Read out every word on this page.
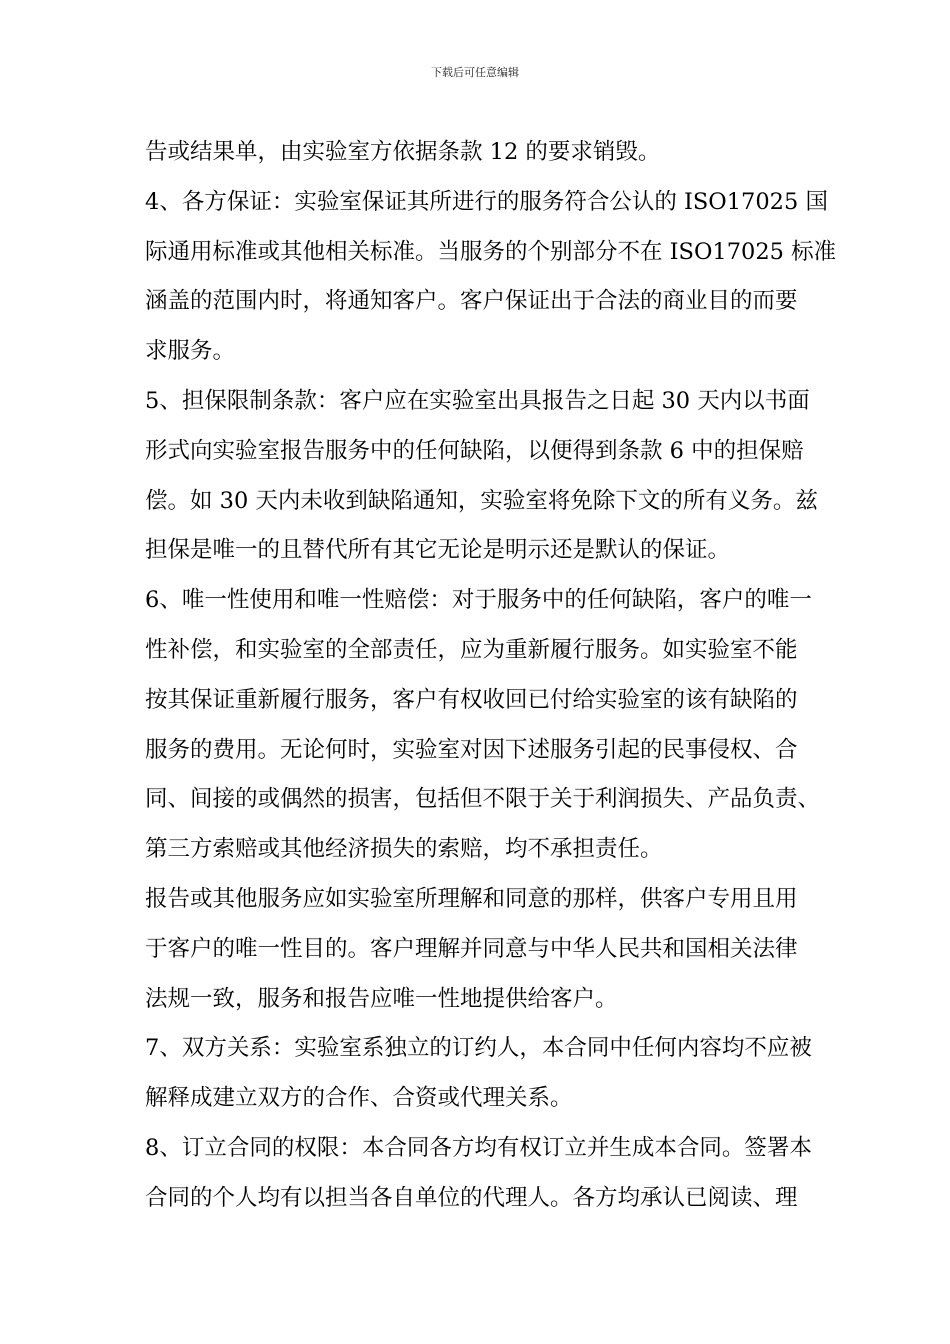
下载后可任意编辑
告或结果单，由实验室方依据条款 12 的要求销毁。
4、各方保证：实验室保证其所进行的服务符合公认的 ISO17025 国
际通用标准或其他相关标准。当服务的个别部分不在 ISO17025 标准
涵盖的范围内时，将通知客户。客户保证出于合法的商业目的而要
求服务。
5、担保限制条款：客户应在实验室出具报告之日起 30 天内以书面
形式向实验室报告服务中的任何缺陷，以便得到条款 6 中的担保赔
偿。如 30 天内未收到缺陷通知，实验室将免除下文的所有义务。兹
担保是唯一的且替代所有其它无论是明示还是默认的保证。
6、唯一性使用和唯一性赔偿：对于服务中的任何缺陷，客户的唯一
性补偿，和实验室的全部责任，应为重新履行服务。如实验室不能
按其保证重新履行服务，客户有权收回已付给实验室的该有缺陷的
服务的费用。无论何时，实验室对因下述服务引起的民事侵权、合
同、间接的或偶然的损害，包括但不限于关于利润损失、产品负责、
第三方索赔或其他经济损失的索赔，均不承担责任。
报告或其他服务应如实验室所理解和同意的那样，供客户专用且用
于客户的唯一性目的。客户理解并同意与中华人民共和国相关法律
法规一致，服务和报告应唯一性地提供给客户。
7、双方关系：实验室系独立的订约人，本合同中任何内容均不应被
解释成建立双方的合作、合资或代理关系。
8、订立合同的权限：本合同各方均有权订立并生成本合同。签署本
合同的个人均有以担当各自单位的代理人。各方均承认已阅读、理
